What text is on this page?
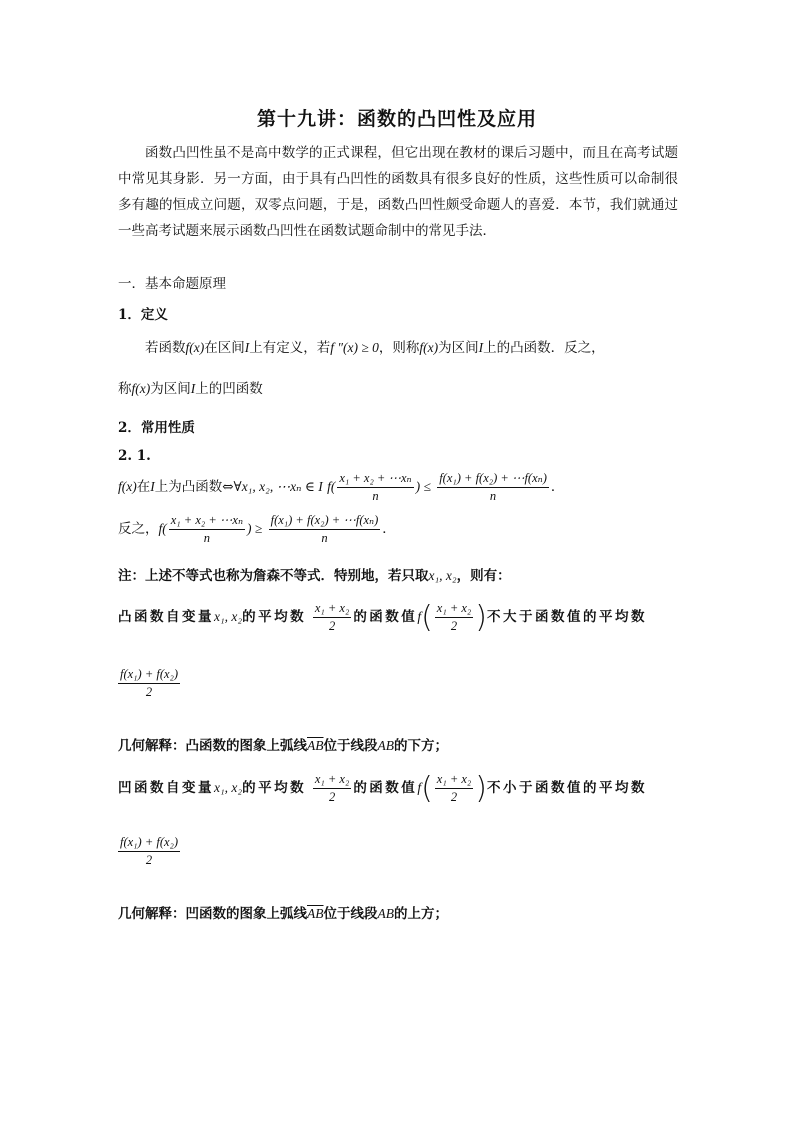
第十九讲：函数的凸凹性及应用
函数凸凹性虽不是高中数学的正式课程，但它出现在教材的课后习题中，而且在高考试题中常见其身影．另一方面，由于具有凸凹性的函数具有很多良好的性质，这些性质可以命制很多有趣的恒成立问题，双零点问题，于是，函数凸凹性颇受命题人的喜爱．本节，我们就通过一些高考试题来展示函数凸凹性在函数试题命制中的常见手法．
一．基本命题原理
1．定义
若函数f(x)在区间I上有定义，若f ″(x) ≥ 0，则称f(x)为区间I上的凸函数．反之，
称f(x)为区间I上的凹函数
2．常用性质
2. 1.
f(x)在I上为凸函数⇔∀x₁, x₂, ⋯xₙ ∈ I $f( \frac{\text{x₁ + x₂ + ⋯xₙ}}{n}$ ) ≤ $\frac{\text{f(x₁) + f(x₂) + ⋯f(xₙ)}}{n}$ ．
反之，$f( \frac{\text{x₁ + x₂ + ⋯xₙ}}{n}$ ) ≥ $\frac{\text{f(x₁) + f(x₂) + ⋯f(xₙ)}}{n}$ ．
注：上述不等式也称为詹森不等式．特别地，若只取x₁, x₂，则有：
凸函数自变量x₁, x₂的平均数 $\frac{\text{x₁ + x₂}}{2}$ 的函数值$f( \frac{\text{x₁ + x₂}}{2}$ )不大于函数值的平均数
$\frac{\text{f(x₁) + f(x₂)}}{2}$
几何解释：凸函数的图象上弧线$\overline{AB}$位于线段AB的下方；
凹函数自变量x₁, x₂的平均数 $\frac{\text{x₁ + x₂}}{2}$ 的函数值$f( \frac{\text{x₁ + x₂}}{2}$ )不小于函数值的平均数
$\frac{\text{f(x₁) + f(x₂)}}{2}$
几何解释：凹函数的图象上弧线$\overline{AB}$位于线段AB的上方；
